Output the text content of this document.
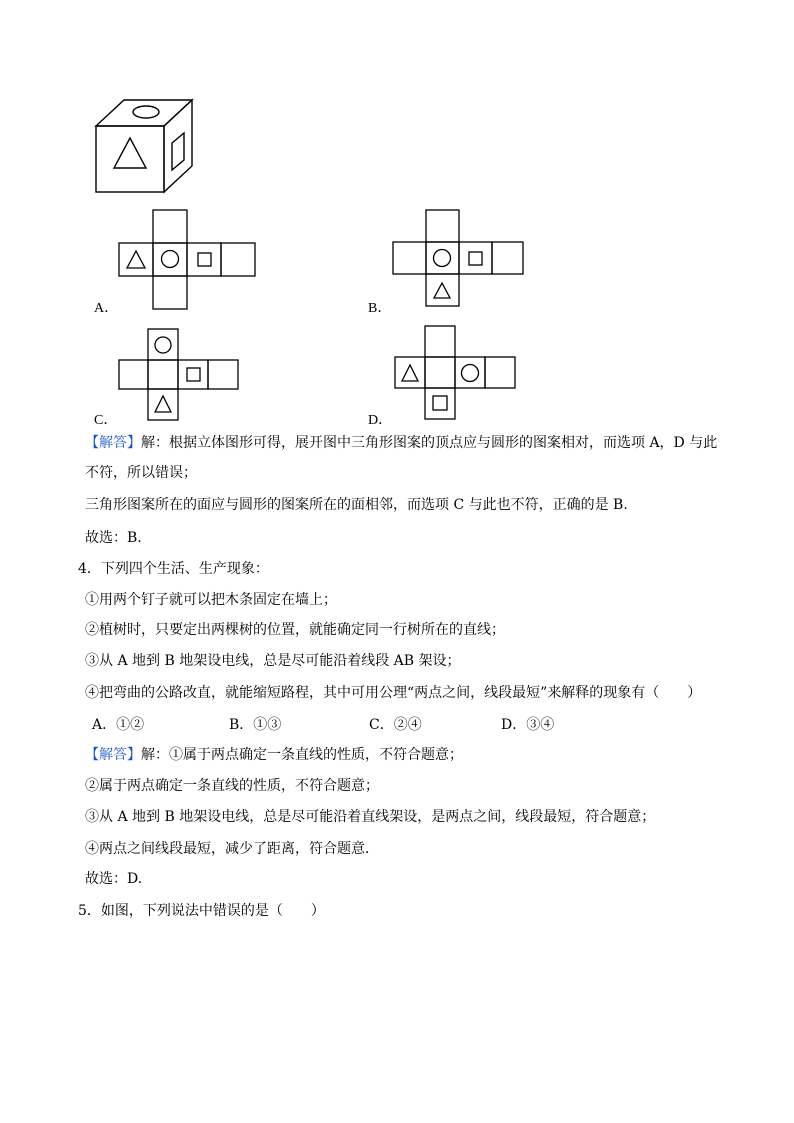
A．	B．
C．	D．
【解答】解：根据立体图形可得，展开图中三角形图案的顶点应与圆形的图案相对，而选项 A，D 与此
不符，所以错误；
三角形图案所在的面应与圆形的图案所在的面相邻，而选项 C 与此也不符，正确的是 B.
故选：B.
4．下列四个生活、生产现象：
①用两个钉子就可以把木条固定在墙上；
②植树时，只要定出两棵树的位置，就能确定同一行树所在的直线；
③从 A 地到 B 地架设电线，总是尽可能沿着线段 AB 架设；
④把弯曲的公路改直，就能缩短路程，其中可用公理“两点之间，线段最短”来解释的现象有（　　）
A．①②	B．①③	C．②④	D．③④
【解答】解：①属于两点确定一条直线的性质，不符合题意；
②属于两点确定一条直线的性质，不符合题意；
③从 A 地到 B 地架设电线，总是尽可能沿着直线架设，是两点之间，线段最短，符合题意；
④两点之间线段最短，减少了距离，符合题意．
故选：D.
5．如图，下列说法中错误的是（　　）
